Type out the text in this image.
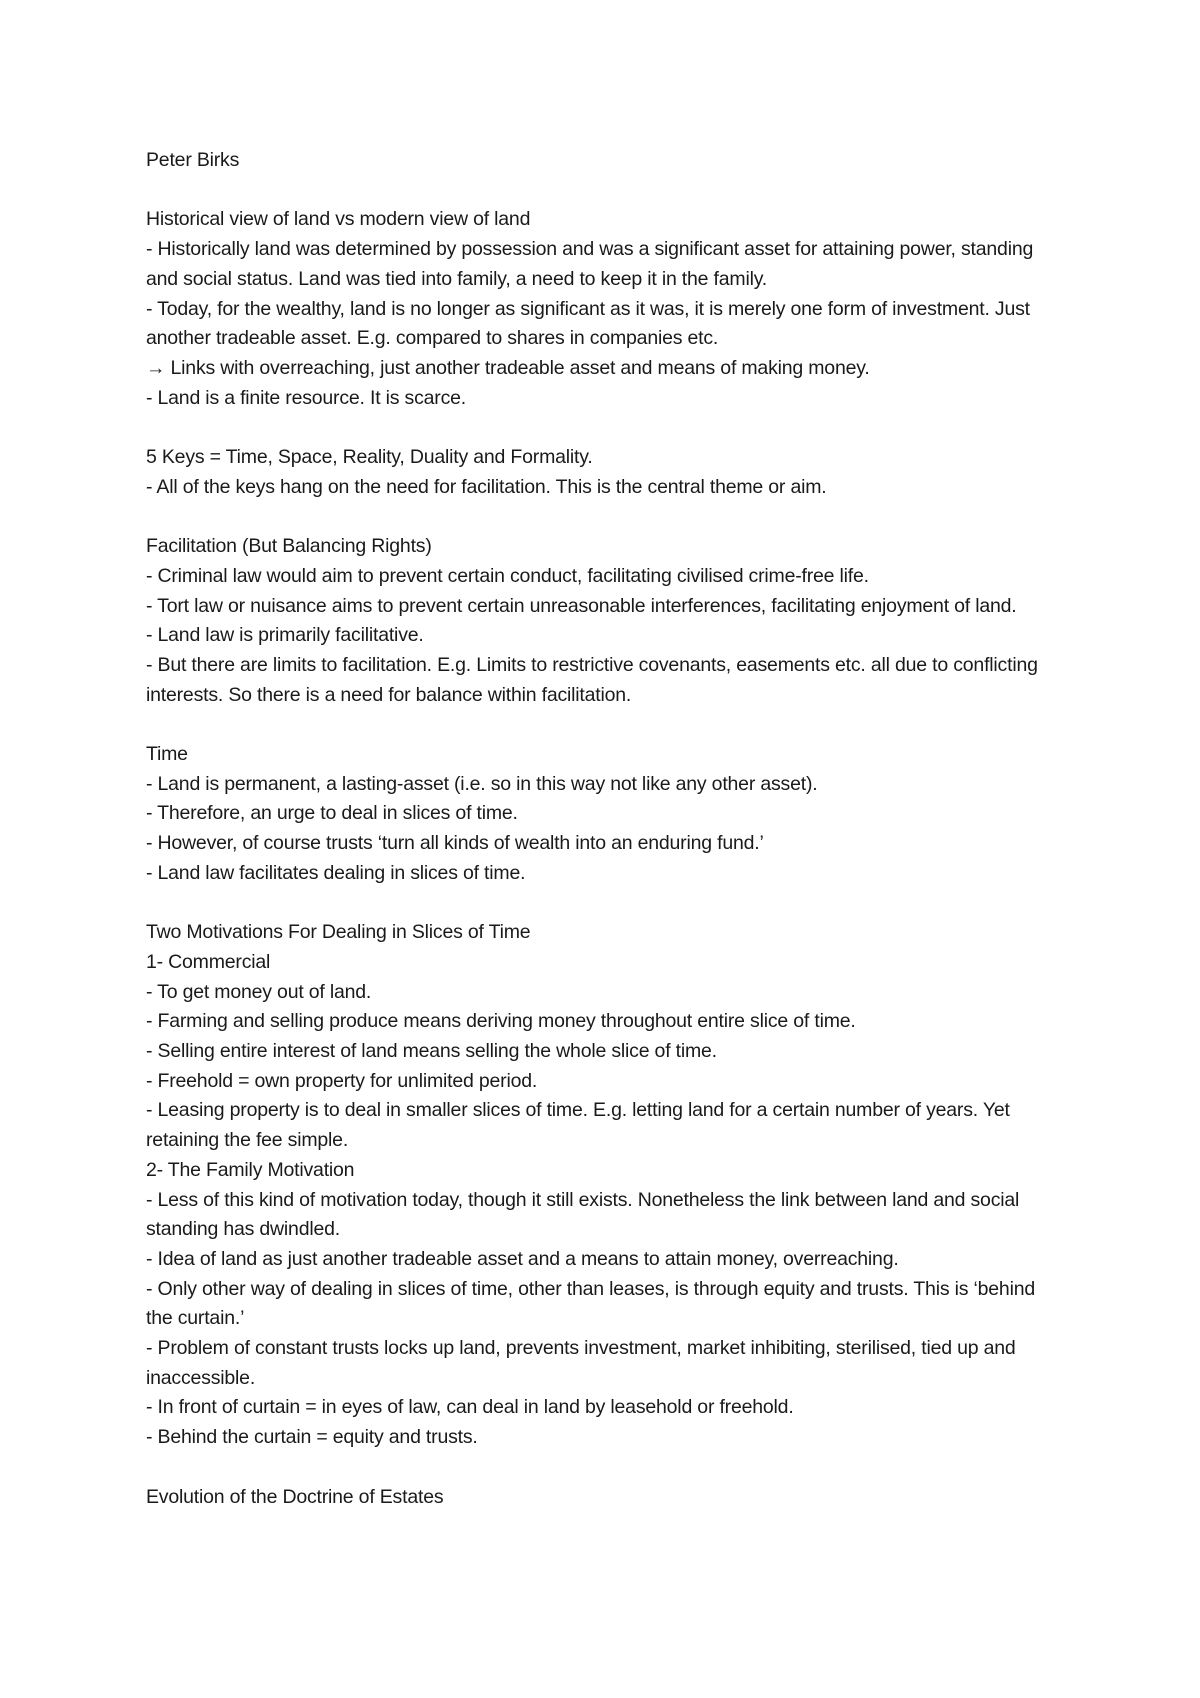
Peter Birks

Historical view of land vs modern view of land
- Historically land was determined by possession and was a significant asset for attaining power, standing and social status. Land was tied into family, a need to keep it in the family.
- Today, for the wealthy, land is no longer as significant as it was, it is merely one form of investment. Just another tradeable asset. E.g. compared to shares in companies etc.
→ Links with overreaching, just another tradeable asset and means of making money.
- Land is a finite resource. It is scarce.
5 Keys = Time, Space, Reality, Duality and Formality.
- All of the keys hang on the need for facilitation. This is the central theme or aim.
Facilitation (But Balancing Rights)
- Criminal law would aim to prevent certain conduct, facilitating civilised crime-free life.
- Tort law or nuisance aims to prevent certain unreasonable interferences, facilitating enjoyment of land.
- Land law is primarily facilitative.
- But there are limits to facilitation. E.g. Limits to restrictive covenants, easements etc. all due to conflicting interests. So there is a need for balance within facilitation.
Time
- Land is permanent, a lasting-asset (i.e. so in this way not like any other asset).
- Therefore, an urge to deal in slices of time.
- However, of course trusts ‘turn all kinds of wealth into an enduring fund.’
- Land law facilitates dealing in slices of time.
Two Motivations For Dealing in Slices of Time
1- Commercial
- To get money out of land.
- Farming and selling produce means deriving money throughout entire slice of time.
- Selling entire interest of land means selling the whole slice of time.
- Freehold = own property for unlimited period.
- Leasing property is to deal in smaller slices of time. E.g. letting land for a certain number of years. Yet retaining the fee simple.
2- The Family Motivation
- Less of this kind of motivation today, though it still exists. Nonetheless the link between land and social standing has dwindled.
- Idea of land as just another tradeable asset and a means to attain money, overreaching.
- Only other way of dealing in slices of time, other than leases, is through equity and trusts. This is ‘behind the curtain.’
- Problem of constant trusts locks up land, prevents investment, market inhibiting, sterilised, tied up and inaccessible.
- In front of curtain = in eyes of law, can deal in land by leasehold or freehold.
- Behind the curtain = equity and trusts.
Evolution of the Doctrine of Estates
